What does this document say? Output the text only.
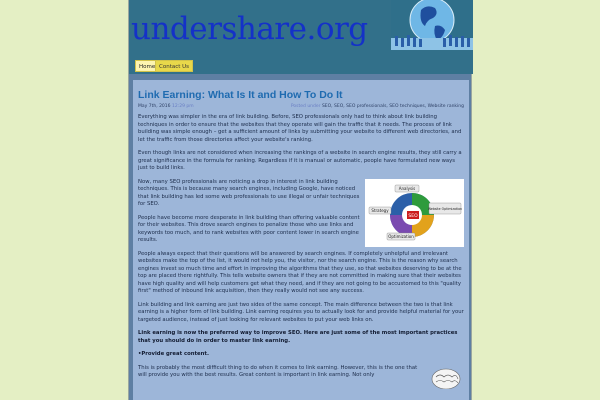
undershare.org
Home Contact Us
Link Earning: What Is It and How To Do It
May 7th, 2016 12:29 pm	Posted under SEO, SEO, SEO professionals, SEO techniques, Website ranking

Everything was simpler in the era of link building. Before, SEO professionals only had to think about link building techniques in order to ensure that the websites that they operate will gain the traffic that it needs. The process of link building was simple enough – get a sufficient amount of links by submitting your website to different web directories, and let the traffic from those directories affect your website's ranking.

Even though links are not considered when increasing the rankings of a website in search engine results, they still carry a great significance in the formula for ranking. Regardless if it is manual or automatic, people have formulated new ways just to build links.

Now, many SEO professionals are noticing a drop in interest in link building techniques. This is because many search engines, including Google, have noticed that link building has led some web professionals to use illegal or unfair techniques for SEO.

People have become more desperate in link building than offering valuable content for their websites. This drove search engines to penalize those who use links and keywords too much, and to rank websites with poor content lower in search engine results.

SEO
Analysis
Strategy
Optimization
Website Optimization

People always expect that their questions will be answered by search engines. If completely unhelpful and irrelevant websites make the top of the list, it would not help you, the visitor, nor the search engine. This is the reason why search engines invest so much time and effort in improving the algorithms that they use, so that websites deserving to be at the top are placed there rightfully. This tells website owners that if they are not committed in making sure that their websites have high quality and will help customers get what they need, and if they are not going to be accustomed to this "quality first" method of inbound link acquisition, then they really would not see any success.

Link building and link earning are just two sides of the same concept. The main difference between the two is that link earning is a higher form of link building. Link earning requires you to actually look for and provide helpful material for your targeted audience, instead of just looking for relevant websites to put your web links on.

Link earning is now the preferred way to improve SEO. Here are just some of the most important practices that you should do in order to master link earning.

•Provide great content.

This is probably the most difficult thing to do when it comes to link earning. However, this is the one that will provide you with the best results. Great content is important in link earning. Not only
